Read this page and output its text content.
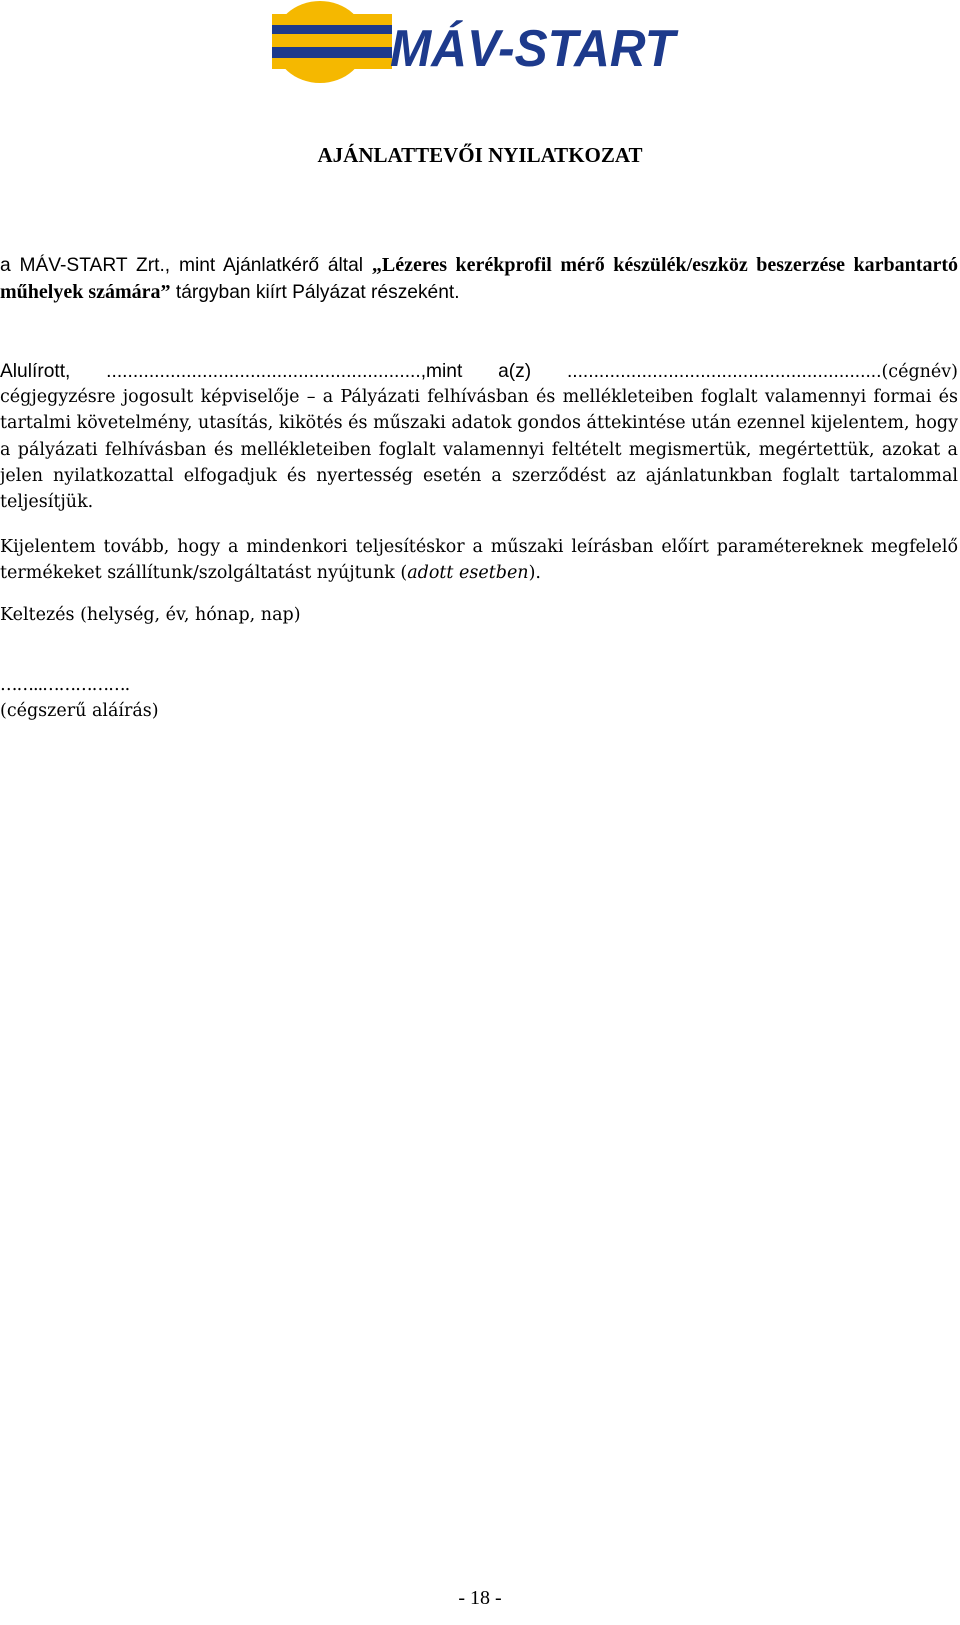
MÁV-START
AJÁNLATTEVŐI NYILATKOZAT

a MÁV-START Zrt., mint Ajánlatkérő által „Lézeres kerékprofil mérő készülék/eszköz beszerzése karbantartó műhelyek számára” tárgyban kiírt Pályázat részeként.

Alulírott, ...........................................................,mint a(z) ...........................................................(cégnév)

cégjegyzésre jogosult képviselője – a Pályázati felhívásban és mellékleteiben foglalt valamennyi formai és tartalmi követelmény, utasítás, kikötés és műszaki adatok gondos áttekintése után ezennel kijelentem, hogy a pályázati felhívásban és mellékleteiben foglalt valamennyi feltételt megismertük, megértettük, azokat a jelen nyilatkozattal elfogadjuk és nyertesség esetén a szerződést az ajánlatunkban foglalt tartalommal teljesítjük.

Kijelentem tovább, hogy a mindenkori teljesítéskor a műszaki leírásban előírt paramétereknek megfelelő termékeket szállítunk/szolgáltatást nyújtunk (adott esetben).

Keltezés (helység, év, hónap, nap)

……..…………….

(cégszerű aláírás)

- 18 -
